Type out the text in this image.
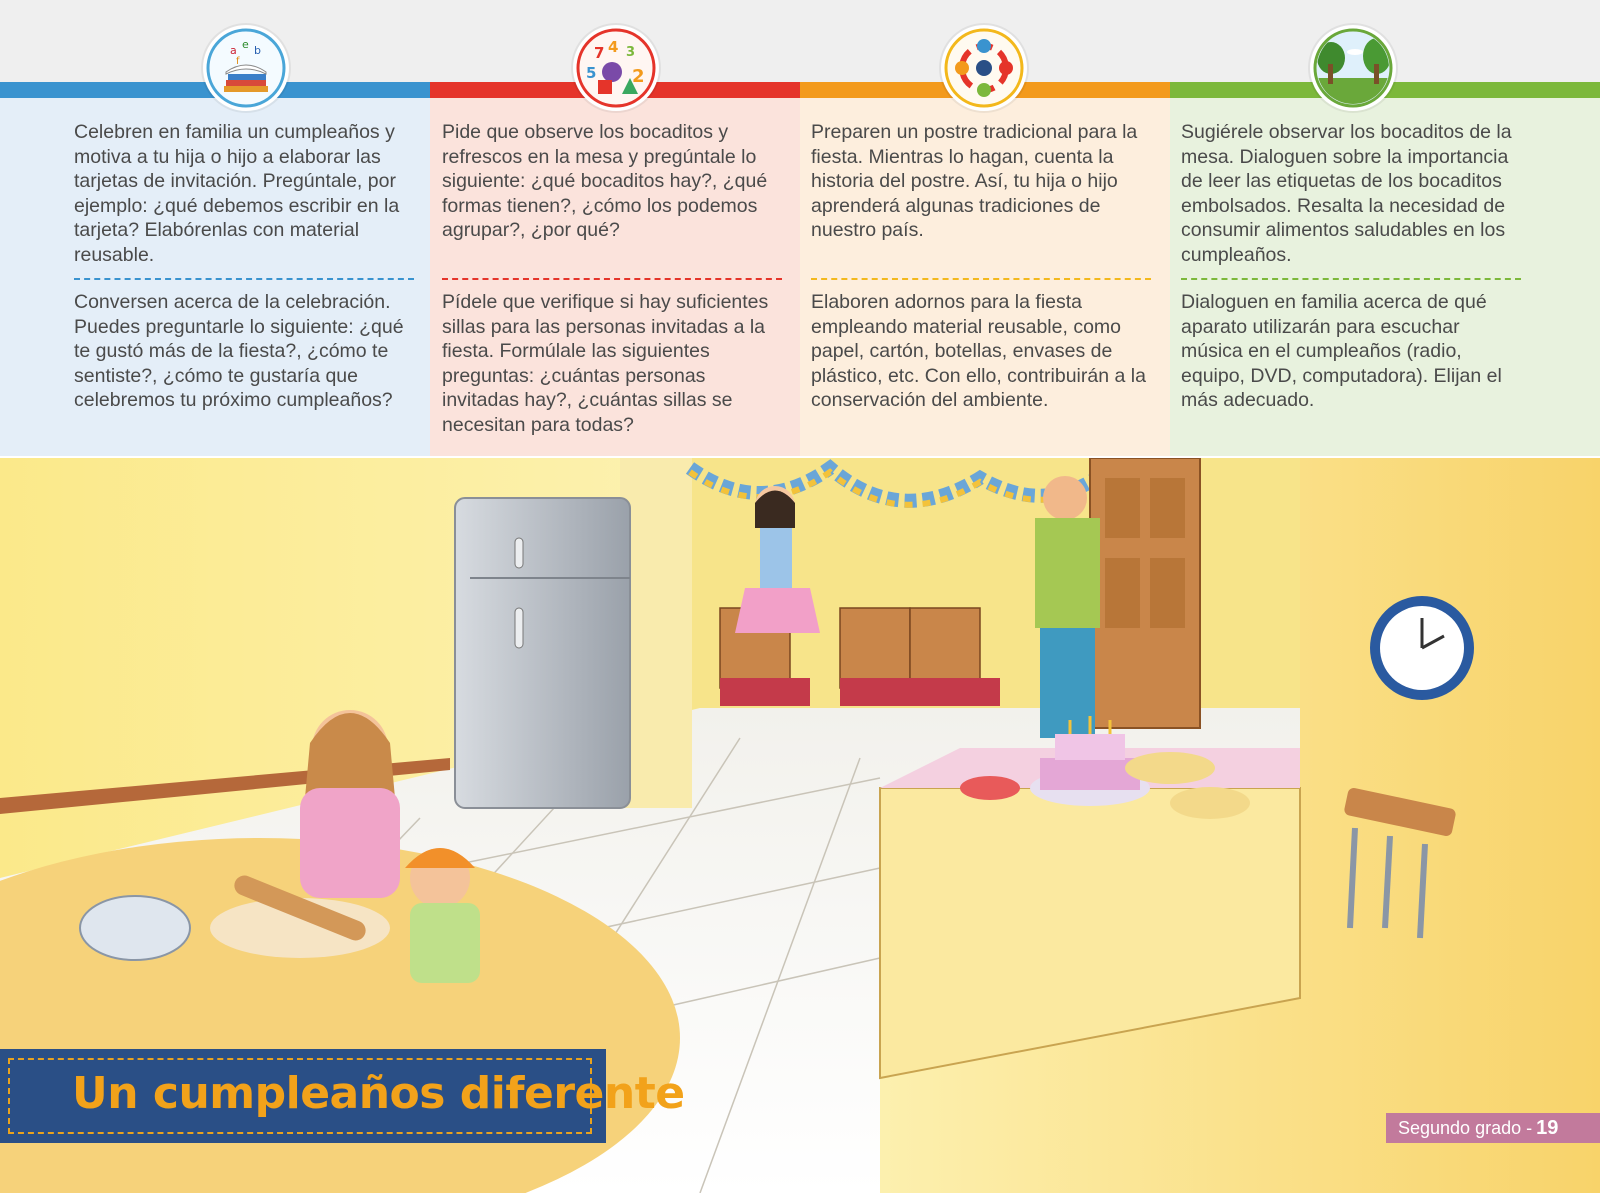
a e b
f

Celebren en familia un cumpleaños y motiva a tu hija o hijo a elaborar las tarjetas de invitación. Pregúntale, por ejemplo: ¿qué debemos escribir en la tarjeta? Elabórenlas con material reusable.

Conversen acerca de la celebración. Puedes preguntarle lo siguiente: ¿qué te gustó más de la fiesta?, ¿cómo te sentiste?, ¿cómo te gustaría que celebremos tu próximo cumpleaños?

7 4 3
5 2

Pide que observe los bocaditos y refrescos en la mesa y pregúntale lo siguiente: ¿qué bocaditos hay?, ¿qué formas tienen?, ¿cómo los podemos agrupar?, ¿por qué?

Pídele que verifique si hay suficientes sillas para las personas invitadas a la fiesta. Formúlale las siguientes preguntas: ¿cuántas personas invitadas hay?, ¿cuántas sillas se necesitan para todas?

Preparen un postre tradicional para la fiesta. Mientras lo hagan, cuenta la historia del postre. Así, tu hija o hijo aprenderá algunas tradiciones de nuestro país.

Elaboren adornos para la fiesta empleando material reusable, como papel, cartón, botellas, envases de plástico, etc. Con ello, contribuirán a la conservación del ambiente.

Sugiérele observar los bocaditos de la mesa. Dialoguen sobre la importancia de leer las etiquetas de los bocaditos embolsados. Resalta la necesidad de consumir alimentos saludables en los cumpleaños.

Dialoguen en familia acerca de qué aparato utilizarán para escuchar música en el cumpleaños (radio, equipo, DVD, computadora). Elijan el más adecuado.

Un cumpleaños diferente
Segundo grado - 19
